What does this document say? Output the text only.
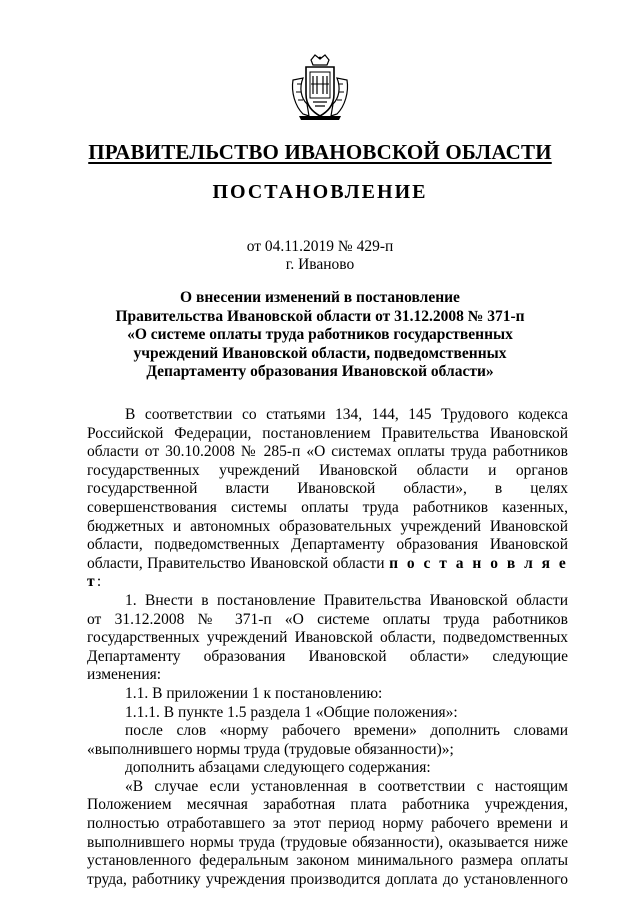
ПРАВИТЕЛЬСТВО ИВАНОВСКОЙ ОБЛАСТИ
ПОСТАНОВЛЕНИЕ
от 04.11.2019 № 429-п
г. Иваново
О внесении изменений в постановление
Правительства Ивановской области от 31.12.2008 № 371-п
«О системе оплаты труда работников государственных
учреждений Ивановской области, подведомственных
Департаменту образования Ивановской области»

В соответствии со статьями 134, 144, 145 Трудового кодекса

Российской Федерации, постановлением Правительства Ивановской

области от 30.10.2008 № 285-п «О системах оплаты труда работников

государственных учреждений Ивановской области и органов

государственной власти Ивановской области», в целях

совершенствования системы оплаты труда работников казенных,

бюджетных и автономных образовательных учреждений Ивановской

области, подведомственных Департаменту образования Ивановской

области, Правительство Ивановской области п о с т а н о в л я е т:

1. Внести в постановление Правительства Ивановской области

от 31.12.2008 № 371-п «О системе оплаты труда работников

государственных учреждений Ивановской области, подведомственных

Департаменту образования Ивановской области» следующие изменения:

1.1. В приложении 1 к постановлению:

1.1.1. В пункте 1.5 раздела 1 «Общие положения»:

после слов «норму рабочего времени» дополнить словами

«выполнившего нормы труда (трудовые обязанности)»;

дополнить абзацами следующего содержания:

«В случае если установленная в соответствии с настоящим

Положением месячная заработная плата работника учреждения,

полностью отработавшего за этот период норму рабочего времени и

выполнившего нормы труда (трудовые обязанности), оказывается ниже

установленного федеральным законом минимального размера оплаты

труда, работнику учреждения производится доплата до установленного
